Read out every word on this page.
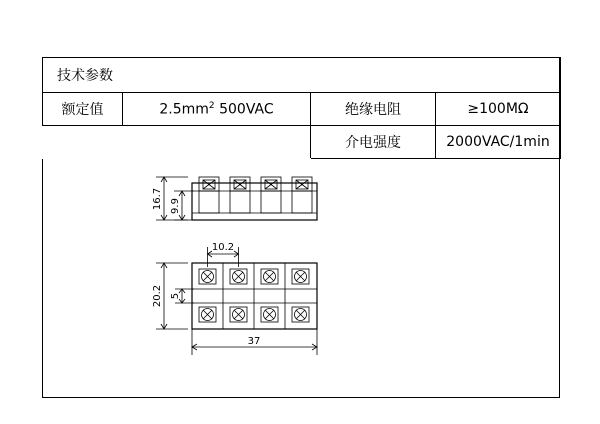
技术参数			
额定值	$2.5mm^2$ 500VAC	绝缘电阻	≥100MΩ
		介电强度	2000VAC/1min
16.7 9.9
10.2
5
20.2
37
